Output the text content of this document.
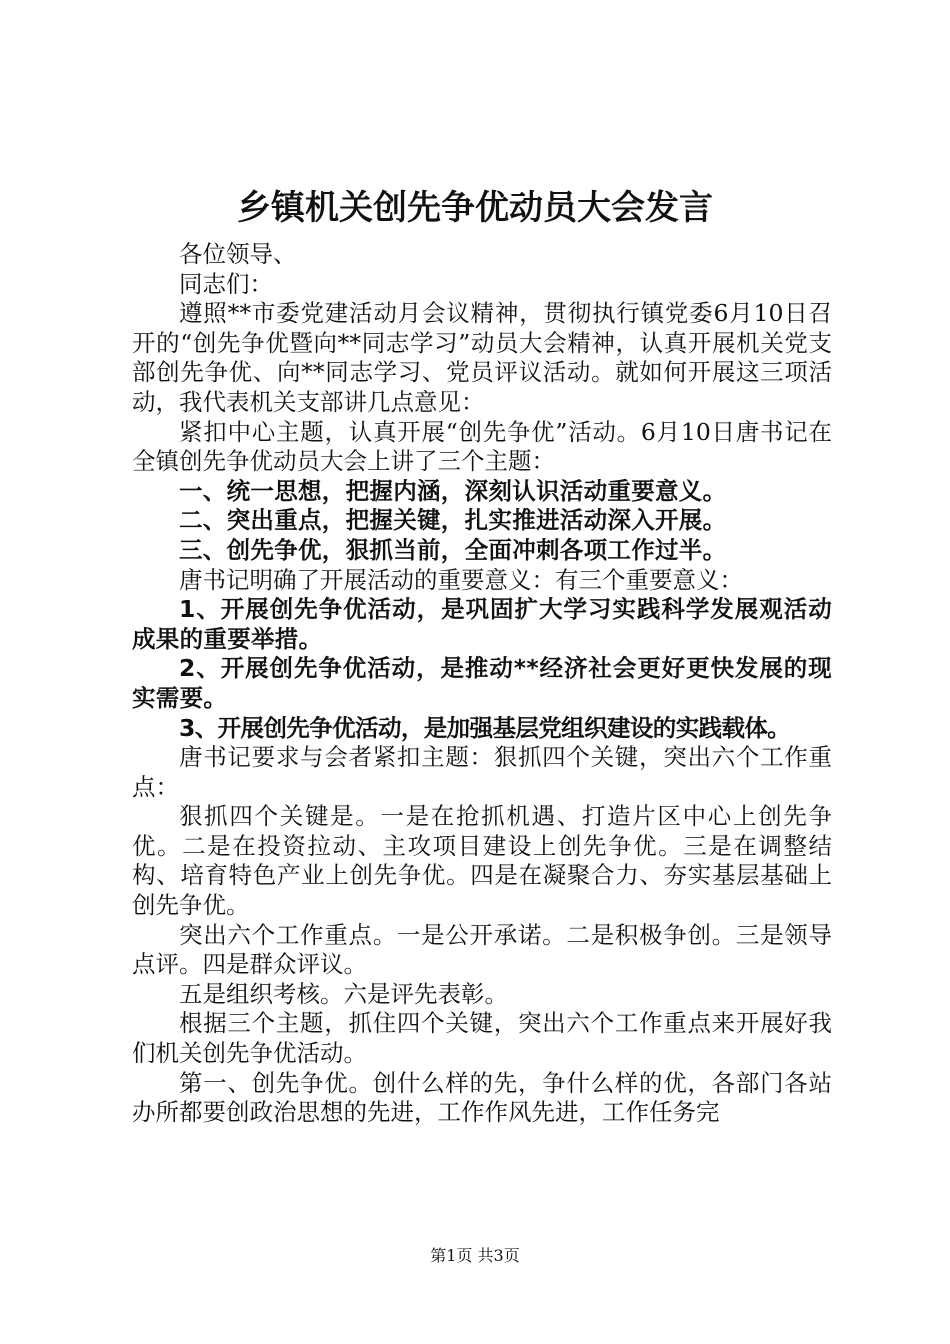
乡镇机关创先争优动员大会发言

各位领导、

同志们：

遵照**市委党建活动月会议精神，贯彻执行镇党委6月10日召开的“创先争优暨向**同志学习”动员大会精神，认真开展机关党支部创先争优、向**同志学习、党员评议活动。就如何开展这三项活动，我代表机关支部讲几点意见：

紧扣中心主题，认真开展“创先争优”活动。6月10日唐书记在全镇创先争优动员大会上讲了三个主题：

一、统一思想，把握内涵，深刻认识活动重要意义。

二、突出重点，把握关键，扎实推进活动深入开展。

三、创先争优，狠抓当前，全面冲刺各项工作过半。

唐书记明确了开展活动的重要意义：有三个重要意义：

1、开展创先争优活动，是巩固扩大学习实践科学发展观活动成果的重要举措。

2、开展创先争优活动，是推动**经济社会更好更快发展的现实需要。

3、开展创先争优活动，是加强基层党组织建设的实践载体。

唐书记要求与会者紧扣主题：狠抓四个关键，突出六个工作重点：

狠抓四个关键是。一是在抢抓机遇、打造片区中心上创先争优。二是在投资拉动、主攻项目建设上创先争优。三是在调整结构、培育特色产业上创先争优。四是在凝聚合力、夯实基层基础上创先争优。

突出六个工作重点。一是公开承诺。二是积极争创。三是领导点评。四是群众评议。

五是组织考核。六是评先表彰。

根据三个主题，抓住四个关键，突出六个工作重点来开展好我们机关创先争优活动。

第一、创先争优。创什么样的先，争什么样的优，各部门各站办所都要创政治思想的先进，工作作风先进，工作任务完

第1页 共3页
